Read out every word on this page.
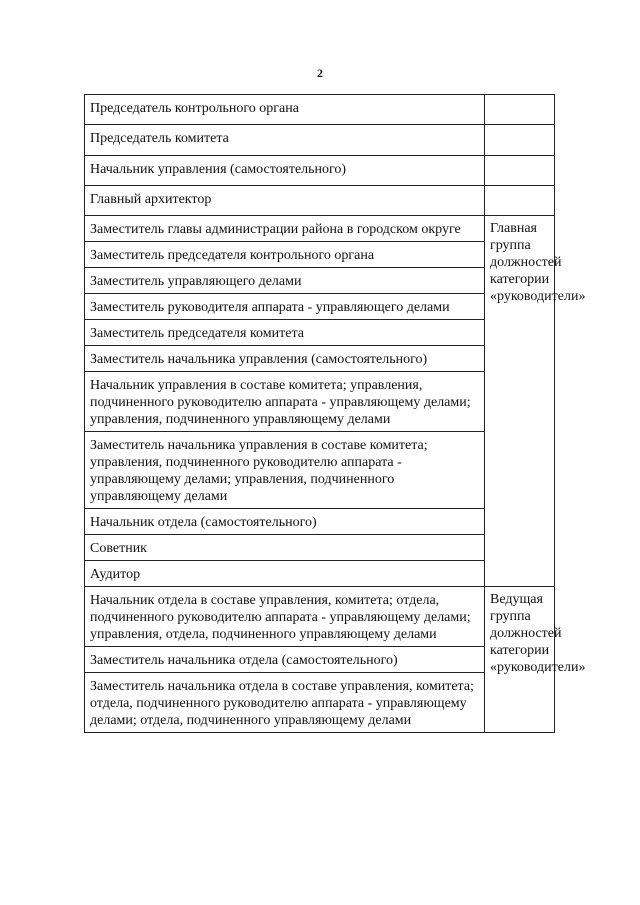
2
Председатель контрольного органа	
Председатель комитета	
Начальник управления (самостоятельного)	
Главный архитектор	
Заместитель главы администрации района в городском округе	Главная группа должностей категории «руководители»
Заместитель председателя контрольного органа	
Заместитель управляющего делами	
Заместитель руководителя аппарата - управляющего делами	
Заместитель председателя комитета	
Заместитель начальника управления (самостоятельного)	
Начальник управления в составе комитета; управления, подчиненного руководителю аппарата - управляющему делами; управления, подчиненного управляющему делами	
Заместитель начальника управления в составе комитета; управления, подчиненного руководителю аппарата - управляющему делами; управления, подчиненного управляющему делами	
Начальник отдела (самостоятельного)	
Советник	
Аудитор	
Начальник отдела в составе управления, комитета; отдела, подчиненного руководителю аппарата - управляющему делами; управления, отдела, подчиненного управляющему делами	Ведущая группа должностей категории «руководители»
Заместитель начальника отдела (самостоятельного)	
Заместитель начальника отдела в составе управления, комитета; отдела, подчиненного руководителю аппарата - управляющему делами; отдела, подчиненного управляющему делами	
